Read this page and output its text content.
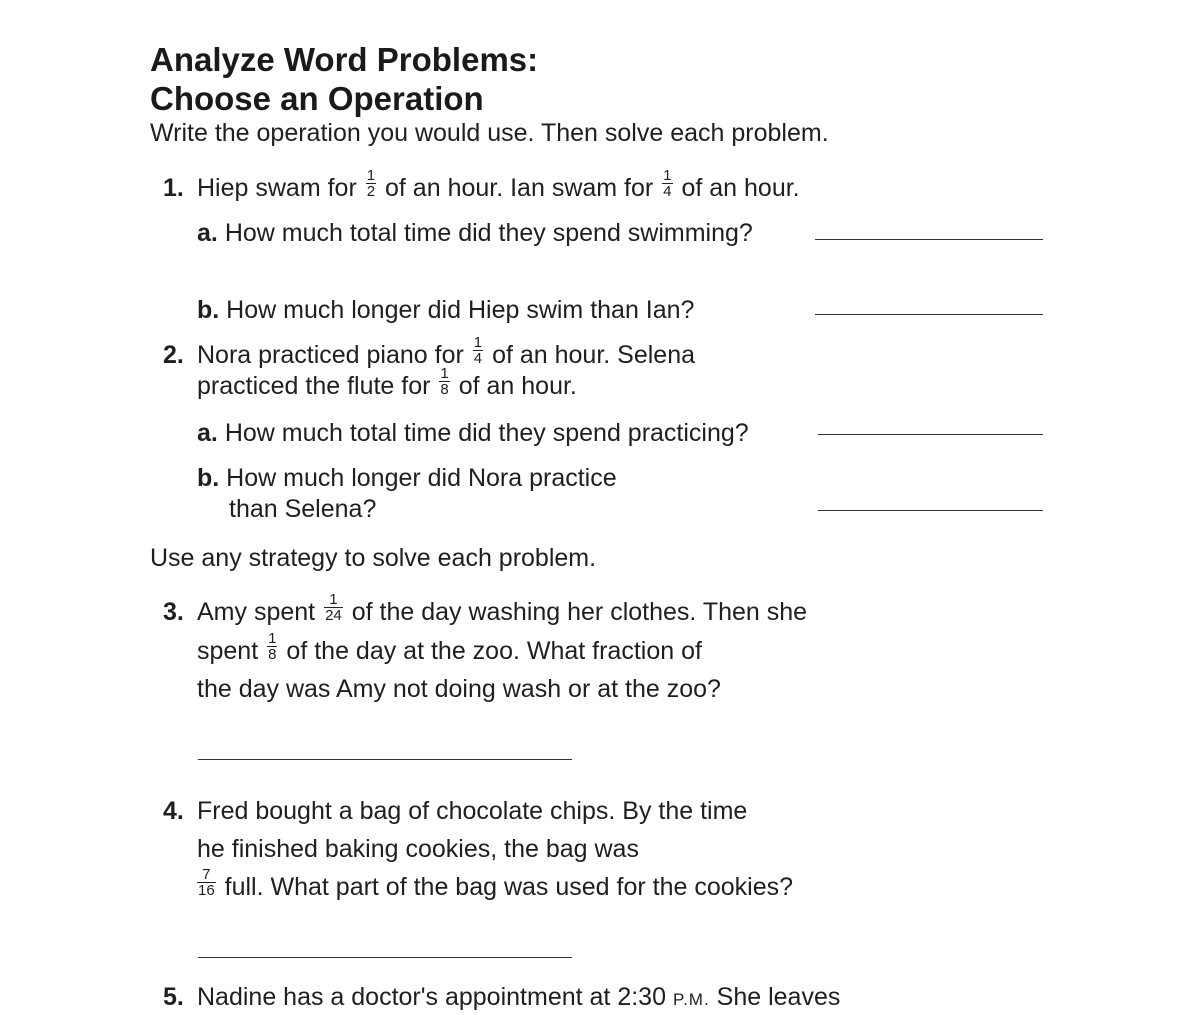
Analyze Word Problems:
Choose an Operation
Write the operation you would use. Then solve each problem.
1. Hiep swam for $\frac{1}{2}$ of an hour. Ian swam for $\frac{1}{4}$ of an hour.
a. How much total time did they spend swimming?
b. How much longer did Hiep swim than Ian?
2. Nora practiced piano for $\frac{1}{4}$ of an hour. Selena
practiced the flute for $\frac{1}{8}$ of an hour.
a. How much total time did they spend practicing?
b. How much longer did Nora practice
than Selena?
Use any strategy to solve each problem.
3. Amy spent $\frac{1}{24}$ of the day washing her clothes. Then she
spent $\frac{1}{8}$ of the day at the zoo. What fraction of
the day was Amy not doing wash or at the zoo?
4. Fred bought a bag of chocolate chips. By the time
he finished baking cookies, the bag was
$\frac{7}{16}$ full. What part of the bag was used for the cookies?
5. Nadine has a doctor's appointment at 2:30 P.M. She leaves
